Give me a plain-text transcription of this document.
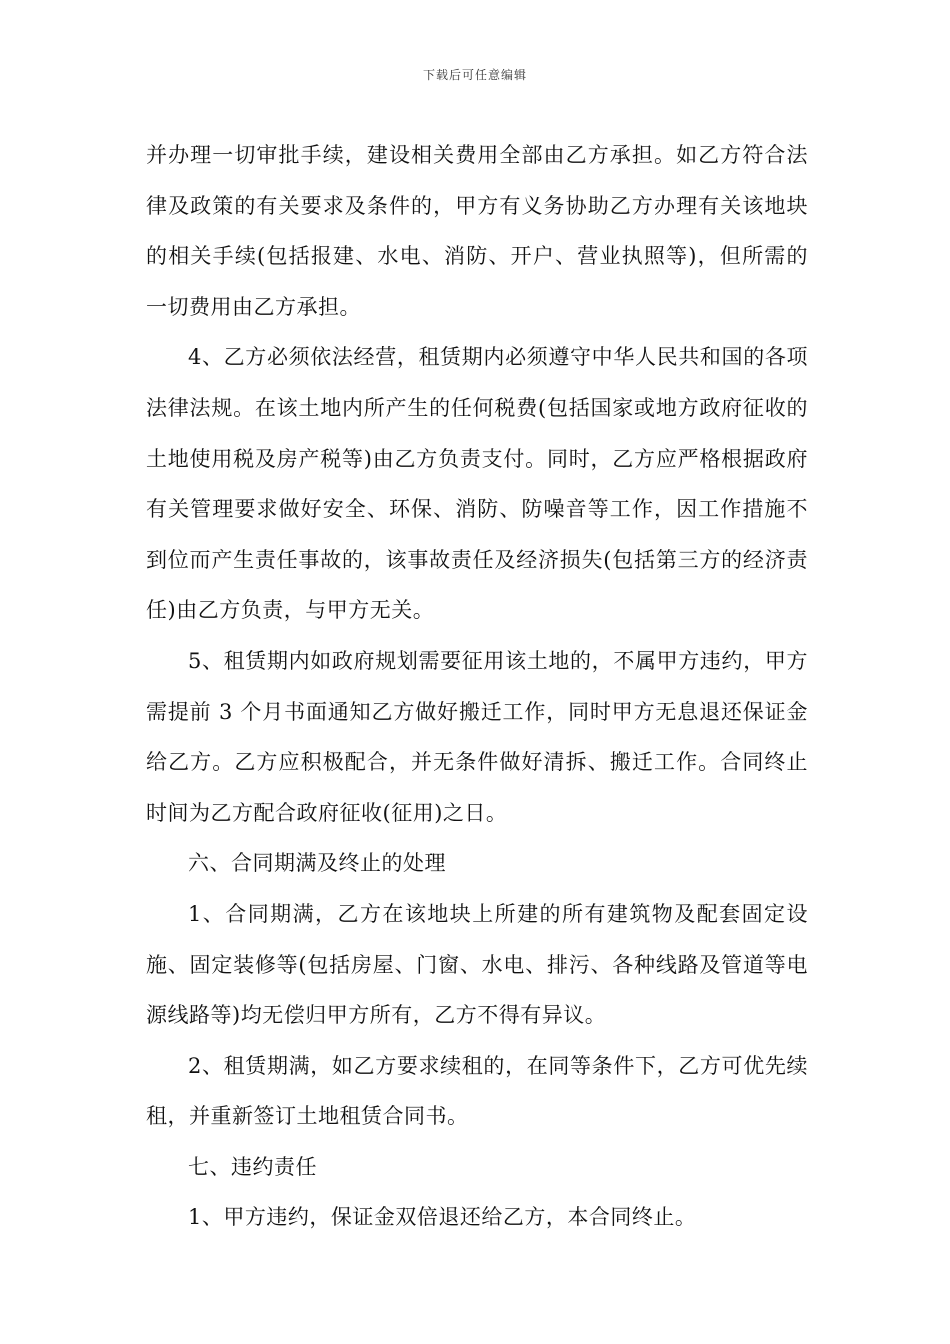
下载后可任意编辑

并办理一切审批手续，建设相关费用全部由乙方承担。如乙方符合法律及政策的有关要求及条件的，甲方有义务协助乙方办理有关该地块的相关手续(包括报建、水电、消防、开户、营业执照等)，但所需的一切费用由乙方承担。

4、乙方必须依法经营，租赁期内必须遵守中华人民共和国的各项法律法规。在该土地内所产生的任何税费(包括国家或地方政府征收的土地使用税及房产税等)由乙方负责支付。同时，乙方应严格根据政府有关管理要求做好安全、环保、消防、防噪音等工作，因工作措施不到位而产生责任事故的，该事故责任及经济损失(包括第三方的经济责任)由乙方负责，与甲方无关。

5、租赁期内如政府规划需要征用该土地的，不属甲方违约，甲方需提前 3 个月书面通知乙方做好搬迁工作，同时甲方无息退还保证金给乙方。乙方应积极配合，并无条件做好清拆、搬迁工作。合同终止时间为乙方配合政府征收(征用)之日。

六、合同期满及终止的处理

1、合同期满，乙方在该地块上所建的所有建筑物及配套固定设施、固定装修等(包括房屋、门窗、水电、排污、各种线路及管道等电源线路等)均无偿归甲方所有，乙方不得有异议。

2、租赁期满，如乙方要求续租的，在同等条件下，乙方可优先续租，并重新签订土地租赁合同书。

七、违约责任

1、甲方违约，保证金双倍退还给乙方，本合同终止。
